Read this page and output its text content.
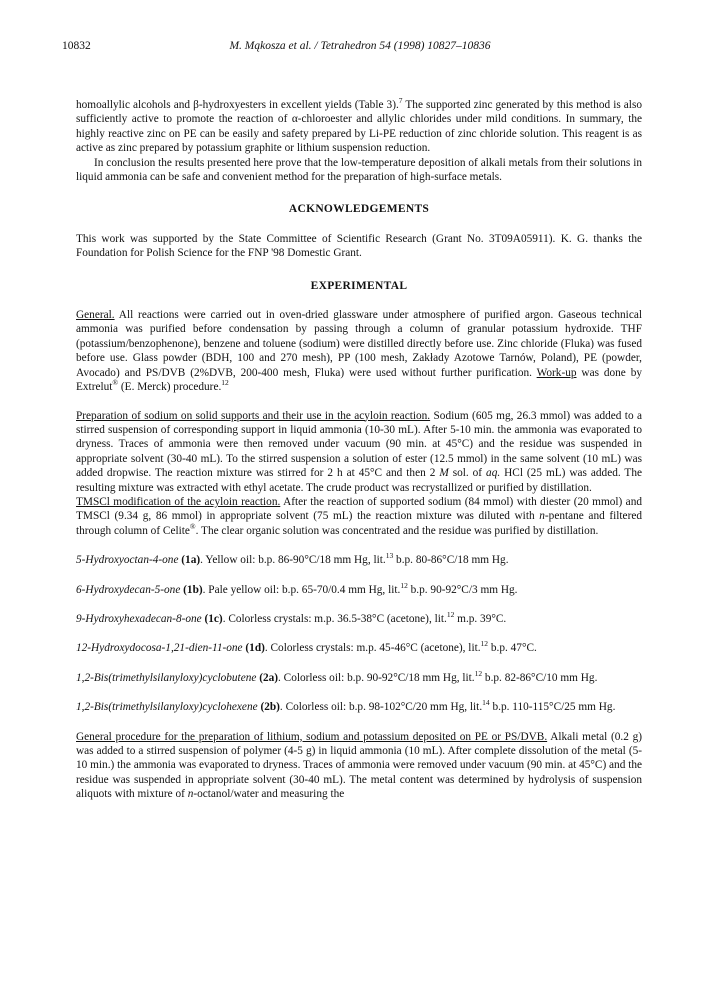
10832	M. Mąkosza et al. / Tetrahedron 54 (1998) 10827–10836

homoallylic alcohols and β-hydroxyesters in excellent yields (Table 3).$^7$ The supported zinc generated by this method is also sufficiently active to promote the reaction of α-chloroester and allylic chlorides under mild conditions. In summary, the highly reactive zinc on PE can be easily and safety prepared by Li-PE reduction of zinc chloride solution. This reagent is as active as zinc prepared by potassium graphite or lithium suspension reduction.

In conclusion the results presented here prove that the low-temperature deposition of alkali metals from their solutions in liquid ammonia can be safe and convenient method for the preparation of high-surface metals.

ACKNOWLEDGEMENTS

This work was supported by the State Committee of Scientific Research (Grant No. 3T09A05911). K. G. thanks the Foundation for Polish Science for the FNP '98 Domestic Grant.

EXPERIMENTAL

General. All reactions were carried out in oven-dried glassware under atmosphere of purified argon. Gaseous technical ammonia was purified before condensation by passing through a column of granular potassium hydroxide. THF (potassium/benzophenone), benzene and toluene (sodium) were distilled directly before use. Zinc chloride (Fluka) was fused before use. Glass powder (BDH, 100 and 270 mesh), PP (100 mesh, Zakłady Azotowe Tarnów, Poland), PE (powder, Avocado) and PS/DVB (2%DVB, 200-400 mesh, Fluka) were used without further purification. Work-up was done by Extrelut® (E. Merck) procedure.$^{12}$

Preparation of sodium on solid supports and their use in the acyloin reaction. Sodium (605 mg, 26.3 mmol) was added to a stirred suspension of corresponding support in liquid ammonia (10-30 mL). After 5-10 min. the ammonia was evaporated to dryness. Traces of ammonia were then removed under vacuum (90 min. at 45°C) and the residue was suspended in appropriate solvent (30-40 mL). To the stirred suspension a solution of ester (12.5 mmol) in the same solvent (10 mL) was added dropwise. The reaction mixture was stirred for 2 h at 45°C and then 2 M sol. of aq. HCl (25 mL) was added. The resulting mixture was extracted with ethyl acetate. The crude product was recrystallized or purified by distillation.

TMSCl modification of the acyloin reaction. After the reaction of supported sodium (84 mmol) with diester (20 mmol) and TMSCl (9.34 g, 86 mmol) in appropriate solvent (75 mL) the reaction mixture was diluted with n-pentane and filtered through column of Celite®. The clear organic solution was concentrated and the residue was purified by distillation.

5-Hydroxyoctan-4-one (1a). Yellow oil: b.p. 86-90°C/18 mm Hg, lit.$^{13}$ b.p. 80-86°C/18 mm Hg.

6-Hydroxydecan-5-one (1b). Pale yellow oil: b.p. 65-70/0.4 mm Hg, lit.$^{12}$ b.p. 90-92°C/3 mm Hg.

9-Hydroxyhexadecan-8-one (1c). Colorless crystals: m.p. 36.5-38°C (acetone), lit.$^{12}$ m.p. 39°C.

12-Hydroxydocosa-1,21-dien-11-one (1d). Colorless crystals: m.p. 45-46°C (acetone), lit.$^{12}$ b.p. 47°C.

1,2-Bis(trimethylsilanyloxy)cyclobutene (2a). Colorless oil: b.p. 90-92°C/18 mm Hg, lit.$^{12}$ b.p. 82-86°C/10 mm Hg.

1,2-Bis(trimethylsilanyloxy)cyclohexene (2b). Colorless oil: b.p. 98-102°C/20 mm Hg, lit.$^{14}$ b.p. 110-115°C/25 mm Hg.

General procedure for the preparation of lithium, sodium and potassium deposited on PE or PS/DVB. Alkali metal (0.2 g) was added to a stirred suspension of polymer (4-5 g) in liquid ammonia (10 mL). After complete dissolution of the metal (5-10 min.) the ammonia was evaporated to dryness. Traces of ammonia were removed under vacuum (90 min. at 45°C) and the residue was suspended in appropriate solvent (30-40 mL). The metal content was determined by hydrolysis of suspension aliquots with mixture of n-octanol/water and measuring the
